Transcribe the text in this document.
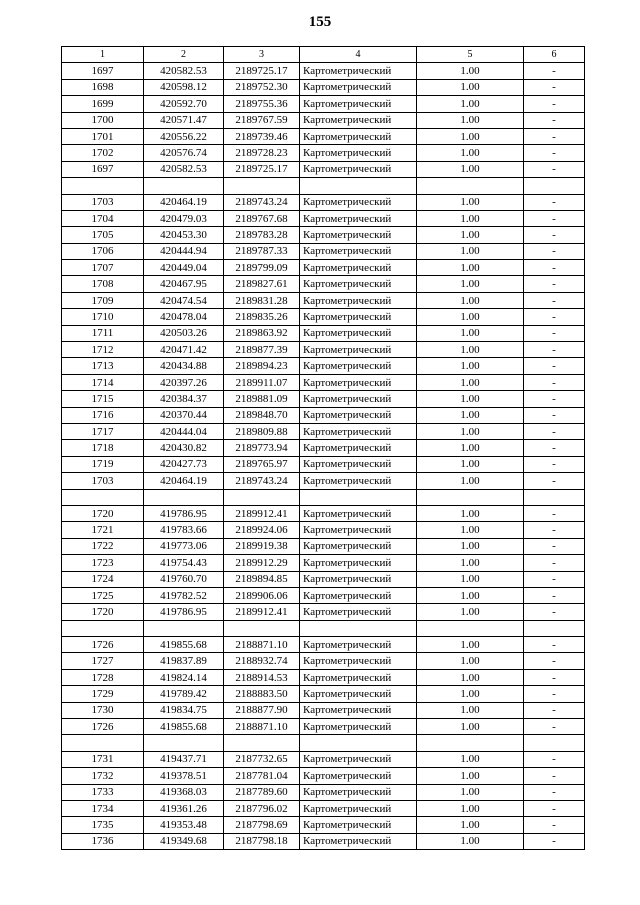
155
1	2	3	4	5	6
1697	420582.53	2189725.17	Картометрический	1.00	-
1698	420598.12	2189752.30	Картометрический	1.00	-
1699	420592.70	2189755.36	Картометрический	1.00	-
1700	420571.47	2189767.59	Картометрический	1.00	-
1701	420556.22	2189739.46	Картометрический	1.00	-
1702	420576.74	2189728.23	Картометрический	1.00	-
1697	420582.53	2189725.17	Картометрический	1.00	-

1703	420464.19	2189743.24	Картометрический	1.00	-
1704	420479.03	2189767.68	Картометрический	1.00	-
1705	420453.30	2189783.28	Картометрический	1.00	-
1706	420444.94	2189787.33	Картометрический	1.00	-
1707	420449.04	2189799.09	Картометрический	1.00	-
1708	420467.95	2189827.61	Картометрический	1.00	-
1709	420474.54	2189831.28	Картометрический	1.00	-
1710	420478.04	2189835.26	Картометрический	1.00	-
1711	420503.26	2189863.92	Картометрический	1.00	-
1712	420471.42	2189877.39	Картометрический	1.00	-
1713	420434.88	2189894.23	Картометрический	1.00	-
1714	420397.26	2189911.07	Картометрический	1.00	-
1715	420384.37	2189881.09	Картометрический	1.00	-
1716	420370.44	2189848.70	Картометрический	1.00	-
1717	420444.04	2189809.88	Картометрический	1.00	-
1718	420430.82	2189773.94	Картометрический	1.00	-
1719	420427.73	2189765.97	Картометрический	1.00	-
1703	420464.19	2189743.24	Картометрический	1.00	-

1720	419786.95	2189912.41	Картометрический	1.00	-
1721	419783.66	2189924.06	Картометрический	1.00	-
1722	419773.06	2189919.38	Картометрический	1.00	-
1723	419754.43	2189912.29	Картометрический	1.00	-
1724	419760.70	2189894.85	Картометрический	1.00	-
1725	419782.52	2189906.06	Картометрический	1.00	-
1720	419786.95	2189912.41	Картометрический	1.00	-

1726	419855.68	2188871.10	Картометрический	1.00	-
1727	419837.89	2188932.74	Картометрический	1.00	-
1728	419824.14	2188914.53	Картометрический	1.00	-
1729	419789.42	2188883.50	Картометрический	1.00	-
1730	419834.75	2188877.90	Картометрический	1.00	-
1726	419855.68	2188871.10	Картометрический	1.00	-

1731	419437.71	2187732.65	Картометрический	1.00	-
1732	419378.51	2187781.04	Картометрический	1.00	-
1733	419368.03	2187789.60	Картометрический	1.00	-
1734	419361.26	2187796.02	Картометрический	1.00	-
1735	419353.48	2187798.69	Картометрический	1.00	-
1736	419349.68	2187798.18	Картометрический	1.00	-
